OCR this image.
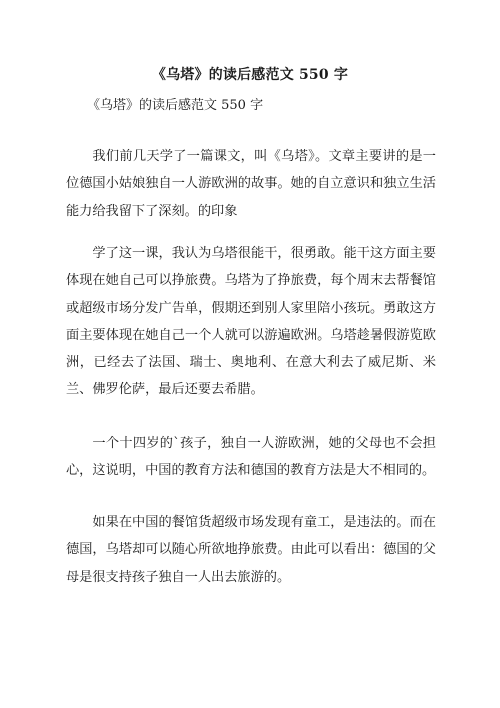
《乌塔》的读后感范文 550 字
《乌塔》的读后感范文 550 字

我们前几天学了一篇课文，叫《乌塔》。文章主要讲的是一位德国小姑娘独自一人游欧洲的故事。她的自立意识和独立生活能力给我留下了深刻。的印象

学了这一课，我认为乌塔很能干，很勇敢。能干这方面主要体现在她自己可以挣旅费。乌塔为了挣旅费，每个周末去帮餐馆或超级市场分发广告单，假期还到别人家里陪小孩玩。勇敢这方面主要体现在她自己一个人就可以游遍欧洲。乌塔趁暑假游览欧洲，已经去了法国、瑞士、奥地利、在意大利去了威尼斯、米兰、佛罗伦萨，最后还要去希腊。

一个十四岁的`孩子，独自一人游欧洲，她的父母也不会担心，这说明，中国的教育方法和德国的教育方法是大不相同的。

如果在中国的餐馆货超级市场发现有童工，是违法的。而在德国，乌塔却可以随心所欲地挣旅费。由此可以看出：德国的父母是很支持孩子独自一人出去旅游的。
